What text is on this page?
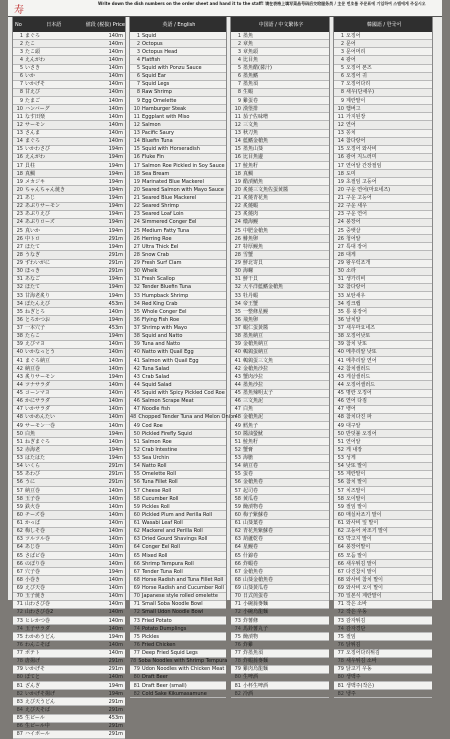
寿
Write down the dish numbers on the order sheet and hand it to the staff! 请在表格上填写菜品号码后交给服务员 / 主문 번호를 주문표에 기입하여 스텝에게 주십시오
No	日本語	値段 (税抜) Price
1 まぐろ	140m
2 たこ	140m
3 たこ頭	140m
4 えんがわ	140m
5 いさき	140m
6 いか	140m
7 いかげそ	140m
8 甘えび	140m
9 たまご	140m
10 ハンバーグ	140m
11 なす田楽	140m
12 サーモン	140m
13 さんま	140m
14 まぐろ	140m
15 いかわさび	194m
16 えんがわ	194m
17 貝柱	194m
18 真鯛	194m
19 メカジキ	194m
20 ちゃんちゃん焼き	194m
21 あじ	194m
22 あぶりサーモン	194m
23 あぶりえび	194m
24 あぶりローズ	194m
25 真いか	194m
26 中トロ	291m
27 ほたて	194m
28 うなぎ	291m
29 ずわいがに	291m
30 ほっき	291m
31 あなご	194m
32 ほたて	194m
33 甘海老炙り	194m
34 ぼたんえび	453m
35 ねぎとろ	140m
36 とろかつお	194m
37 一本穴子	453m
38 たらこ	194m
39 えびマヨ	140m
40 いかなっとう	140m
41 まぐろ納豆	140m
42 納豆巻	140m
43 炙りサーモン	194m
44 ツナサラダ	140m
45 コーンマヨ	140m
46 かにサラダ	140m
47 いかサラダ	140m
48 いかめんたい	140m
49 サーモン一巻	140m
50 白魚	194m
51 ねぎまぐろ	140m
52 赤海老	194m
53 はたはた	194m
54 いくら	291m
55 あわび	291m
56 うに	291m
57 納豆巻	140m
58 玉子巻	140m
59 鉄火巻	140m
60 チーズ巻	140m
61 かっぱ	140m
62 梅しそ巻	140m
63 ツルツル巻	140m
64 あじ巻	140m
65 さばビ巻	140m
66 のぼり巻	140m
67 穴子巻	194m
68 小巻き	140m
69 えび天巻	140m
70 玉子焼き	140m
71 山わさび巻	140m
72 山わさび巻2	140m
73 ヒレかつ巻	140m
74 玉子サラダ	140m
75 わかめうどん	194m
76 わんこそば	140m
77 ポテト	140m
78 唐揚げ	291m
79 いかげそ	291m
80 ぽてと	140m
81 ざんぎ	194m
82 いかげそ揚げ	194m
83 えび天うどん	291m
84 えび天そば	291m
85 生ビール	453m
86 生ビール中	291m
87 ハイボール	291m
英語 / English
1 Squid
2 Octopus
3 Octopus Head
4 Flatfish
5 Squid with Ponzu Sauce
6 Squid Ear
7 Squid Legs
8 Raw Shrimp
9 Egg Omelette
10 Hamburger Steak
11 Eggplant with Miso
12 Salmon
13 Pacific Saury
14 Bluefin Tuna
15 Squid with Horseradish
16 Fluke Fin
17 Salmon Roe Pickled in Soy Sauce
18 Sea Bream
19 Marinated Blue Mackerel
20 Seared Salmon with Mayo Sauce
21 Seared Blue Mackerel
22 Seared Shrimp
23 Seared Loaf Loin
24 Simmered Conger Eel
25 Medium Fatty Tuna
26 Herring Roe
27 Ultra Thick Eel
28 Snow Crab
29 Fresh Surf Clam
30 Whelk
31 Fresh Scallop
32 Tender Bluefin Tuna
33 Humpback Shrimp
34 Red King Crab
35 Whole Conger Eel
36 Flying Fish Roe
37 Shrimp with Mayo
38 Squid and Natto
39 Tuna and Natto
40 Natto with Quail Egg
41 Salmon with Quail Egg
42 Tuna Salad
43 Crab Salad
44 Squid Salad
45 Squid with Spicy Pickled Cod Roe
46 Salmon Scrape Meat
47 Noodle fish
48 Chopped Tender Tuna and Melon Onion
49 Cod Roe
50 Pickled Firefly Squid
51 Salmon Roe
52 Crab Intestine
53 Sea Urchin
54 Natto Roll
55 Omelette Roll
56 Tuna Fillet Roll
57 Cheese Roll
58 Cucumber Roll
59 Pickles Roll
60 Pickled Plum and Perilla Roll
61 Wasabi Leaf Roll
62 Mackerel and Perilla Roll
63 Dried Gourd Shavings Roll
64 Conger Eel Roll
65 Mixed Roll
66 Shrimp Tempura Roll
67 Tender Tuna Roll
68 Horse Radish and Tuna Fillet Roll
69 Horse Radish and Cucumber Roll
70 Japanese style rolled omelette
71 Small Soba Noodle Bowl
72 Small Udon Noodle Bowl
73 Fried Potato
74 Potato Dumplings
75 Pickles
76 Fried Chicken
77 Deep Fried Squid Legs
78 Soba Noodles with Shrimp Tempura
79 Udon Noodles with Chicken Meat
80 Draft Beer
81 Draft Beer (small)
82 Cold Sake Kikumasamune
中国語 / 中文繁体字
1 墨魚
2 章魚
3 章魚頭
4 比目魚
5 墨魚醋(醤汁)
6 墨魚鰭
7 墨魚須
8 生蝦
9 雞蛋卷
10 漢堡排
11 茄子佐味噌
12 三文魚
13 秋刀魚
14 藍鰭金槍魚
15 墨魚山葵
16 比目魚邊
17 鮭魚籽
18 真鯛
19 醋漬鯖魚
20 炙燒三文魚佐蛋黄醬
21 炙燒青花魚
22 炙燒蝦
23 炙燒肉
24 燉海鰻
25 中肥金槍魚
26 鯡魚卵
27 特厚鰻魚
28 雪蟹
29 鮮北寄貝
30 海螺
31 鮮干貝
32 大平洋藍鰭金槍魚
33 牡丹蝦
34 帝王蟹
35 一整條星鰻
36 飛魚卵
37 蝦仁蛋黃醬
38 墨魚納豆
39 金槍魚納豆
40 鵪鶉蛋納豆
41 鵪鶉蛋三文魚
42 金槍魚沙拉
43 蟹肉沙拉
44 墨魚沙拉
45 墨魚辣明太子
46 三文魚泥
47 白魚
48 金槍魚泥
49 鱈魚子
50 醬油螢魷
51 鮭魚籽
52 蟹膏
53 海膽
54 納豆卷
55 蛋卷
56 金槍魚卷
57 起司卷
58 黄瓜卷
59 醃漬物卷
60 梅子紫蘇卷
61 山葵葉卷
62 青花魚紫蘇卷
63 葫蘆乾卷
64 星鰻卷
65 什錦卷
66 炸蝦卷
67 金槍魚卷
68 山葵金槍魚卷
69 山葵黃瓜卷
70 日式煎蛋卷
71 小碗蕎麥麵
72 小碗烏龍麵
73 炸薯條
74 馬鈴薯丸子
75 醃漬物
76 炸雞
77 炸墨魚須
78 炸蝦蕎麥麵
79 雞肉烏龍麵
80 生啤酒
81 小杯生啤酒
82 冷酒
韓國語 / 한국어
1 오징어
2 문어
3 문어머리
4 광어
5 오징어 폰즈
6 오징어 귀
7 오징어다리
8 새우(단새우)
9 계란말이
10 햄버그
11 가지된장
12 연어
13 꽁치
14 참다랑어
15 오징어 와사비
16 광어 지느러미
17 연어알 간장절임
18 도미
19 초절임 고등어
20 구운 연어(마요네즈)
21 구운 고등어
22 구운 새우
23 구운 연어
24 붕장어
25 중뱃살
26 청어알
27 특대 장어
28 대게
29 왕우럭조개
30 소라
31 생가리비
32 참다랑어
33 보탄새우
34 킹크랩
35 통 붕장어
36 날치알
37 새우마요네즈
38 오징어낫또
39 참치 낫또
40 메추리알 낫또
41 메추리알 연어
42 참치샐러드
43 게살샐러드
44 오징어샐러드
45 명란 오징어
46 연어 다짐
47 뱅어
48 참치다진 파
49 대구알
50 반딧불 오징어
51 연어알
52 게 내장
53 성게
54 낫또 말이
55 계란말이
56 참치 말이
57 치즈말이
58 오이말이
59 절임 말이
60 매실차조기 말이
61 와사비 잎 말이
62 고등어 차조기 말이
63 박고지 말이
64 붕장어말이
65 모듬 말이
66 새우튀김 말이
67 다진참치 말이
68 와사비 참치 말이
69 와사비 오이 말이
70 일본식 계란말이
71 작은 소바
72 작은 우동
73 감자튀김
74 감자경단
75 절임
76 닭튀김
77 오징어다리튀김
78 새우튀김 소바
79 닭고기 우동
80 생맥주
81 생맥주(작은)
82 냉주
